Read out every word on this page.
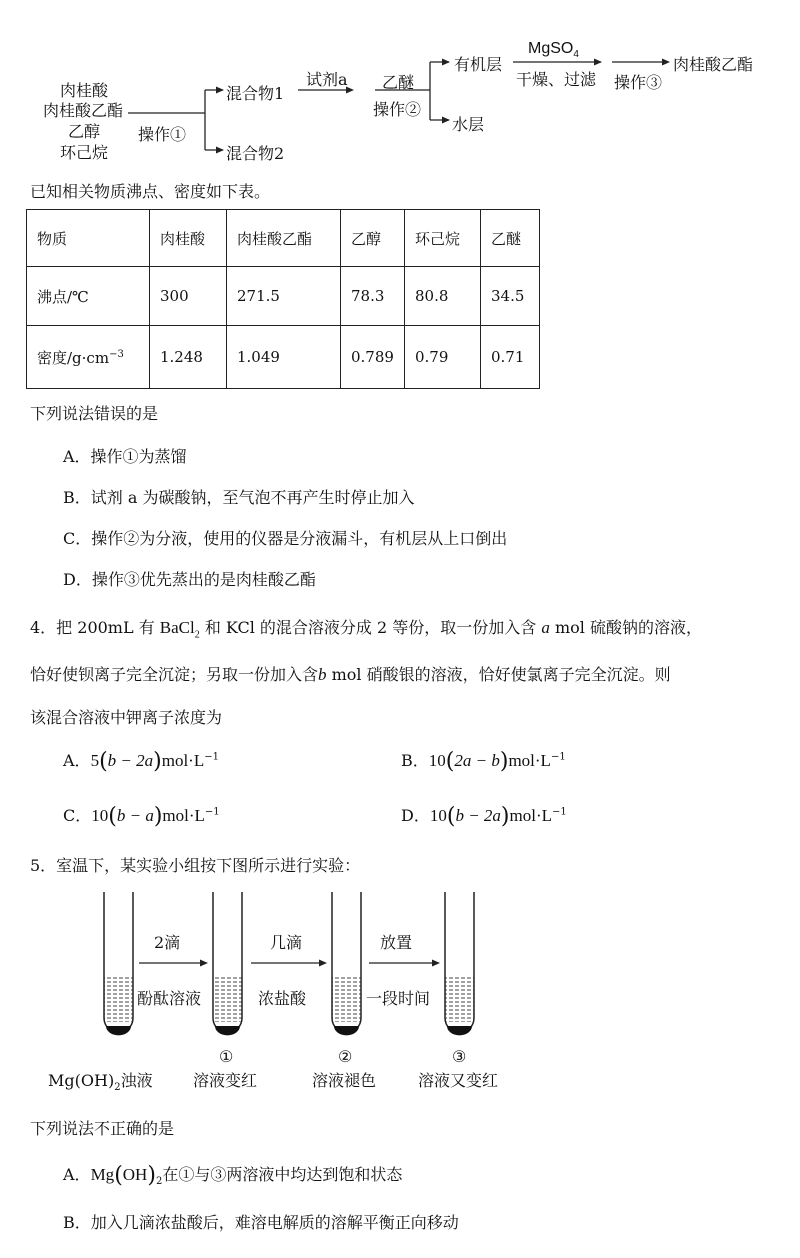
肉桂酸
肉桂酸乙酯
乙醇
环己烷
操作①
混合物1
混合物2
试剂a 乙醚
操作②
有机层
水层
MgSO$_4$
干燥、过滤 操作③
肉桂酸乙酯
已知相关物质沸点、密度如下表。
物质	肉桂酸	肉桂酸乙酯	乙醇	环己烷	乙醚
沸点/℃	300	271.5	78.3	80.8	34.5
密度$/g\cdot cm^{-3}$	1.248	1.049	0.789	0.79	0.71
下列说法错误的是
A．操作①为蒸馏
B．试剂 a 为碳酸钠，至气泡不再产生时停止加入
C．操作②为分液，使用的仪器是分液漏斗，有机层从上口倒出
D．操作③优先蒸出的是肉桂酸乙酯
4．把 200mL 有 BaCl$_2$ 和 KCl 的混合溶液分成 2 等份，取一份加入含 a mol 硫酸钠的溶液，
恰好使钡离子完全沉淀；另取一份加入含b mol 硝酸银的溶液，恰好使氯离子完全沉淀。则
该混合溶液中钾离子浓度为
A．$5(b - 2a)mol\cdot L^{-1}$	B．$10(2a - b)mol\cdot L^{-1}$
C．$10(b - a)mol\cdot L^{-1}$	D．$10(b - 2a)mol\cdot L^{-1}$
5．室温下，某实验小组按下图所示进行实验：
2滴
酚酞溶液
几滴
浓盐酸
放置
一段时间
$Mg(OH)_2$浊液
①
溶液变红
②
溶液褪色
③
溶液又变红
下列说法不正确的是
A．$Mg(OH)_2$在①与③两溶液中均达到饱和状态
B．加入几滴浓盐酸后，难溶电解质的溶解平衡正向移动
